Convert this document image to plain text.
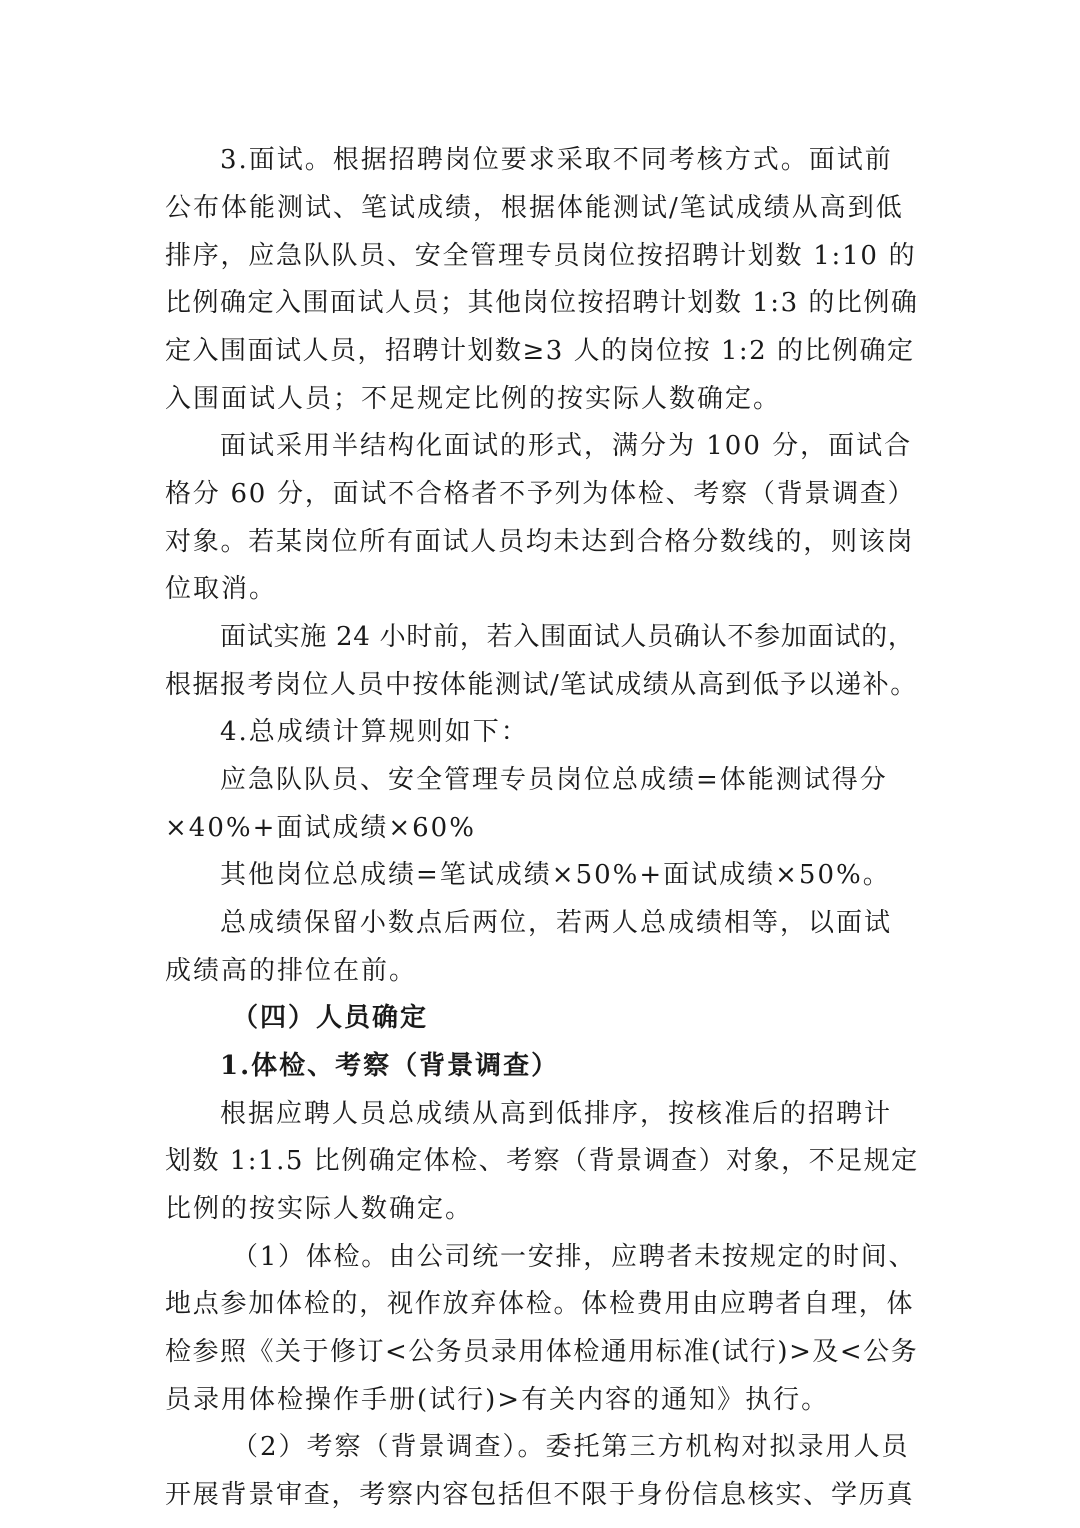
3.面试。根据招聘岗位要求采取不同考核方式。面试前
公布体能测试、笔试成绩，根据体能测试/笔试成绩从高到低
排序，应急队队员、安全管理专员岗位按招聘计划数 1:10 的
比例确定入围面试人员；其他岗位按招聘计划数 1:3 的比例确
定入围面试人员，招聘计划数≥3 人的岗位按 1:2 的比例确定
入围面试人员；不足规定比例的按实际人数确定。
面试采用半结构化面试的形式，满分为 100 分，面试合
格分 60 分，面试不合格者不予列为体检、考察（背景调查）
对象。若某岗位所有面试人员均未达到合格分数线的，则该岗
位取消。
面试实施 24 小时前，若入围面试人员确认不参加面试的，
根据报考岗位人员中按体能测试/笔试成绩从高到低予以递补。
4.总成绩计算规则如下：
应急队队员、安全管理专员岗位总成绩=体能测试得分
×40%+面试成绩×60%
其他岗位总成绩=笔试成绩×50%+面试成绩×50%。
总成绩保留小数点后两位，若两人总成绩相等，以面试
成绩高的排位在前。
（四）人员确定
1.体检、考察（背景调查）
根据应聘人员总成绩从高到低排序，按核准后的招聘计
划数 1:1.5 比例确定体检、考察（背景调查）对象，不足规定
比例的按实际人数确定。
（1）体检。由公司统一安排，应聘者未按规定的时间、
地点参加体检的，视作放弃体检。体检费用由应聘者自理，体
检参照《关于修订<公务员录用体检通用标准(试行)>及<公务
员录用体检操作手册(试行)>有关内容的通知》执行。
（2）考察（背景调查）。委托第三方机构对拟录用人员
开展背景审查，考察内容包括但不限于身份信息核实、学历真
